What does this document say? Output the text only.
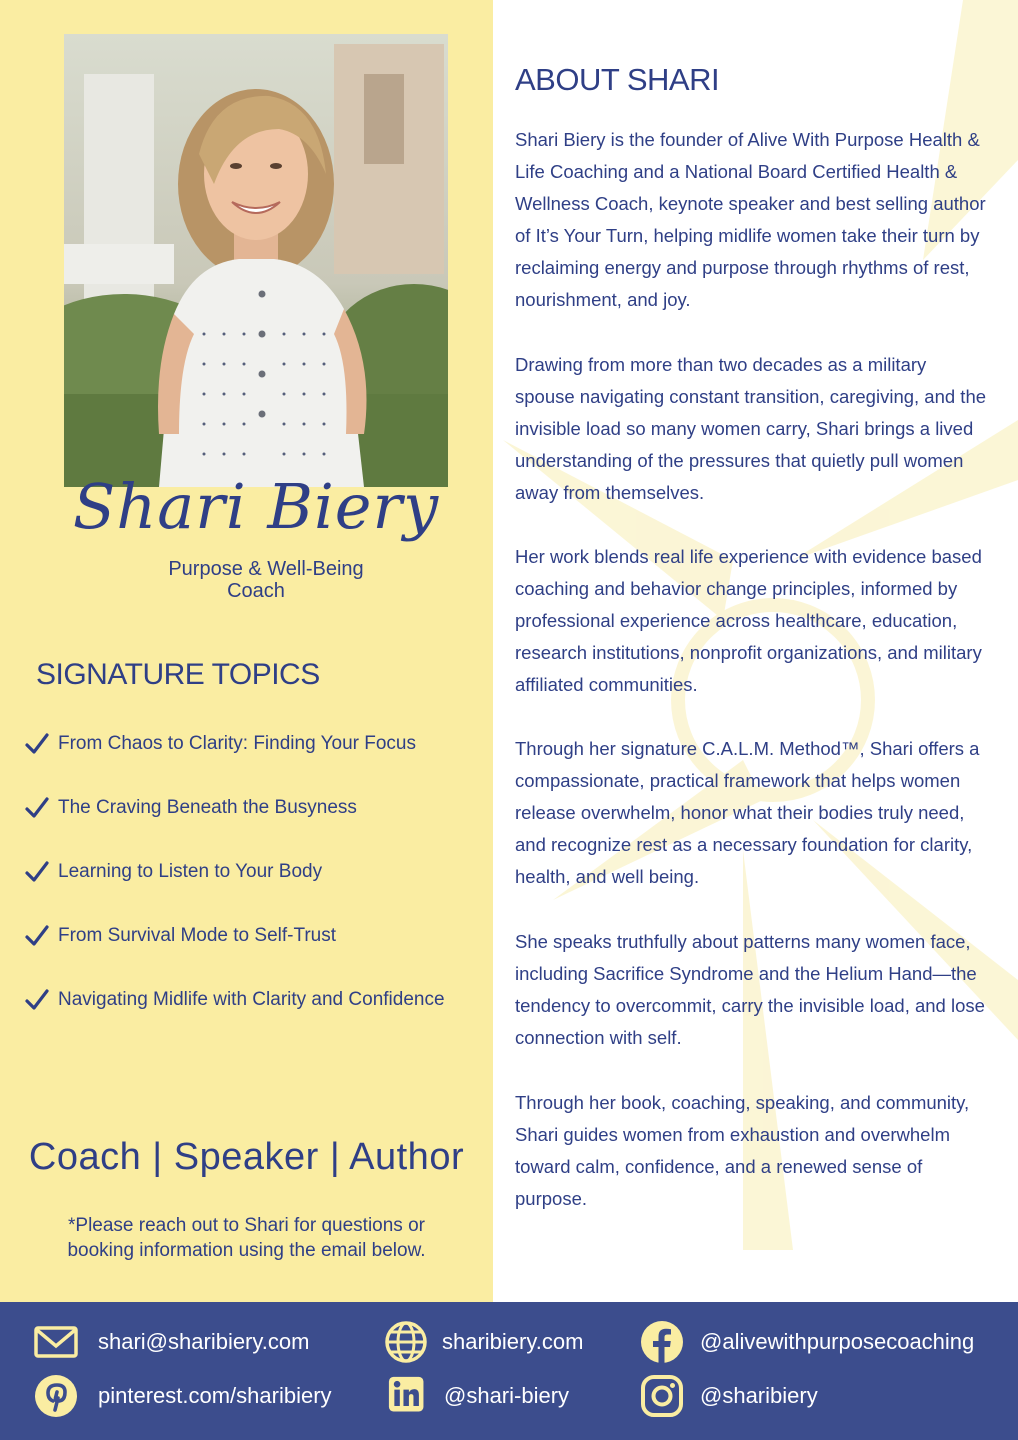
Shari Biery
Purpose & Well-Being
Coach
SIGNATURE TOPICS
From Chaos to Clarity: Finding Your Focus
The Craving Beneath the Busyness
Learning to Listen to Your Body
From Survival Mode to Self-Trust
Navigating Midlife with Clarity and Confidence
Coach | Speaker | Author
*Please reach out to Shari for questions or
booking information using the email below.
ABOUT SHARI

Shari Biery is the founder of Alive With Purpose Health & Life Coaching and a National Board Certified Health & Wellness Coach, keynote speaker and best selling author of It’s Your Turn, helping midlife women take their turn by reclaiming energy and purpose through rhythms of rest, nourishment, and joy.

Drawing from more than two decades as a military spouse navigating constant transition, caregiving, and the invisible load so many women carry, Shari brings a lived understanding of the pressures that quietly pull women away from themselves.

Her work blends real life experience with evidence based coaching and behavior change principles, informed by professional experience across healthcare, education, research institutions, nonprofit organizations, and military affiliated communities.

Through her signature C.A.L.M. Method™, Shari offers a compassionate, practical framework that helps women release overwhelm, honor what their bodies truly need, and recognize rest as a necessary foundation for clarity, health, and well being.

She speaks truthfully about patterns many women face, including Sacrifice Syndrome and the Helium Hand—the tendency to overcommit, carry the invisible load, and lose connection with self.

Through her book, coaching, speaking, and community, Shari guides women from exhaustion and overwhelm toward calm, confidence, and a renewed sense of purpose.

shari@sharibiery.com	sharibiery.com	@alivewithpurposecoaching
pinterest.com/sharibiery	@shari-biery	@sharibiery
